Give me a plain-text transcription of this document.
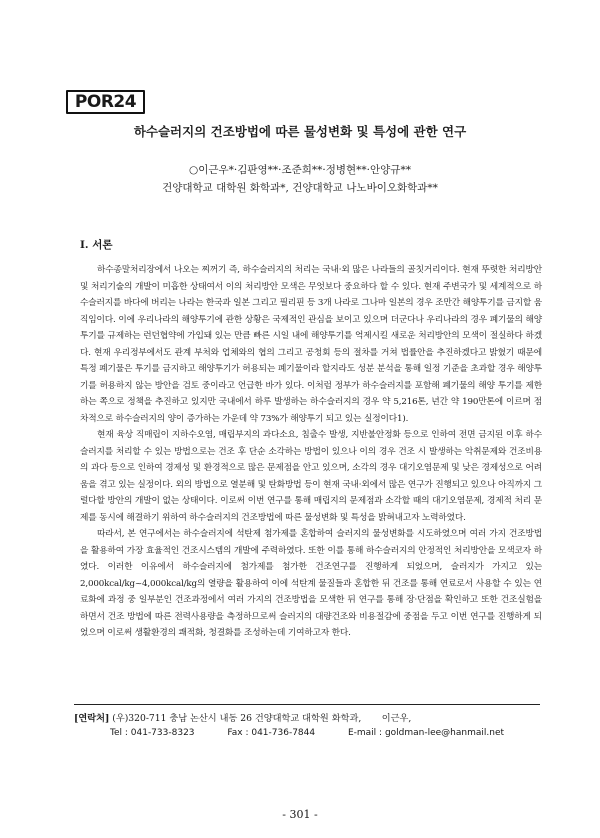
POR24
하수슬러지의 건조방법에 따른 물성변화 및 특성에 관한 연구
○이근우*·김판영**·조준희**·정병현**·안양규**
건양대학교 대학원 화학과*, 건양대학교 나노바이오화학과**
Ⅰ. 서론

하수종말처리장에서 나오는 찌꺼기 즉, 하수슬러지의 처리는 국내·외 많은 나라들의 골칫거리이다. 현재 뚜렷한 처리방안 및 처리기술의 개발이 미흡한 상태여서 이의 처리방안 모색은 무엇보다 중요하다 할 수 있다. 현재 주변국가 및 세계적으로 하수슬러지를 바다에 버리는 나라는 한국과 일본 그리고 필리핀 등 3개 나라로 그나마 일본의 경우 조만간 해양투기를 금지할 움직임이다. 이에 우리나라의 해양투기에 관한 상황은 국제적인 관심을 보이고 있으며 더군다나 우리나라의 경우 폐기물의 해양투기를 규제하는 런던협약에 가입돼 있는 만큼 빠른 시일 내에 해양투기를 억제시킬 새로운 처리방안의 모색이 절실하다 하겠다. 현재 우리정부에서도 관계 부처와 업체와의 협의 그리고 공청회 등의 절차를 거쳐 법률안을 추진하겠다고 밝혔기 때문에 특정 폐기물은 투기를 금지하고 해양투기가 허용되는 폐기물이라 할지라도 성분 분석을 통해 일정 기준을 초과할 경우 해양투기를 허용하지 않는 방안을 검토 중이라고 언급한 바가 있다. 이처럼 정부가 하수슬러지를 포함해 폐기물의 해양 투기를 제한하는 쪽으로 정책을 추진하고 있지만 국내에서 하루 발생하는 하수슬러지의 경우 약 5,216톤, 년간 약 190만톤에 이르며 점차적으로 하수슬러지의 양이 증가하는 가운데 약 73%가 해양투기 되고 있는 실정이다1).

현재 육상 직매립이 지하수오염, 매립부지의 과다소요, 침출수 발생, 지반불안정화 등으로 인하여 전면 금지된 이후 하수슬러지를 처리할 수 있는 방법으로는 건조 후 단순 소각하는 방법이 있으나 이의 경우 건조 시 발생하는 악취문제와 건조비용의 과다 등으로 인하여 경제성 및 환경적으로 많은 문제점을 안고 있으며, 소각의 경우 대기오염문제 및 낮은 경제성으로 어려움을 겪고 있는 실정이다. 외의 방법으로 열분해 및 탄화방법 등이 현재 국내·외에서 많은 연구가 진행되고 있으나 아직까지 그럴다할 방안의 개발이 없는 상태이다. 이로써 이번 연구를 통해 매립지의 문제점과 소각할 때의 대기오염문제, 경제적 처리 문제를 동시에 해결하기 위하여 하수슬러지의 건조방법에 따른 물성변화 및 특성을 밝혀내고자 노력하였다.

따라서, 본 연구에서는 하수슬러지에 석탄제 첨가제를 혼합하여 슬러지의 물성변화를 시도하였으며 여러 가지 건조방법을 활용하여 가장 효율적인 건조시스템의 개발에 주력하였다. 또한 이를 통해 하수슬러지의 안정적인 처리방안을 모색코자 하였다. 이러한 이유에서 하수슬러지에 첨가제를 첨가한 건조연구를 진행하게 되었으며, 슬러지가 가지고 있는 2,000kcal/kg~4,000kcal/kg의 열량을 활용하여 이에 석탄계 물질들과 혼합한 뒤 건조를 통해 연료로서 사용할 수 있는 연료화에 과정 중 일부분인 건조과정에서 여러 가지의 건조방법을 모색한 뒤 연구를 통해 장·단점을 확인하고 또한 건조실험을 하면서 건조 방법에 따른 전력사용량을 측정하므로써 슬러지의 대량건조와 비용절감에 중점을 두고 이번 연구를 진행하게 되었으며 이로써 생활환경의 쾌적화, 청결화를 조성하는데 기여하고자 한다.

[연락처] (우)320-711 충남 논산시 내동 26 건양대학교 대학원 화학과, 이근우,
Tel : 041-733-8323	Fax : 041-736-7844	E-mail : goldman-lee@hanmail.net
- 301 -
